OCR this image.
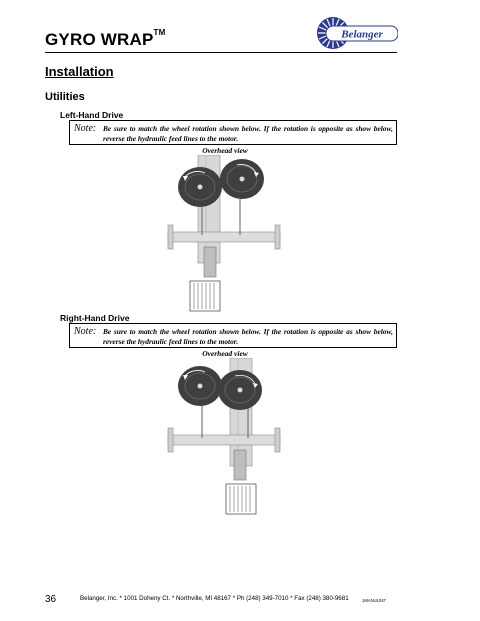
GYRO WRAP™	Belanger
Installation
Utilities
Left-Hand Drive
Note: Be sure to match the wheel rotation shown below. If the rotation is opposite as show below, reverse the hydraulic feed lines to the motor.
Overhead view
Right-Hand Drive
Note: Be sure to match the wheel rotation shown below. If the rotation is opposite as show below, reverse the hydraulic feed lines to the motor.
Overhead view
36	Belanger, Inc. * 1001 Doheny Ct. * Northville, MI 48167 * Ph (248) 349-7010 * Fax (248) 380-9681	1MANUL047
